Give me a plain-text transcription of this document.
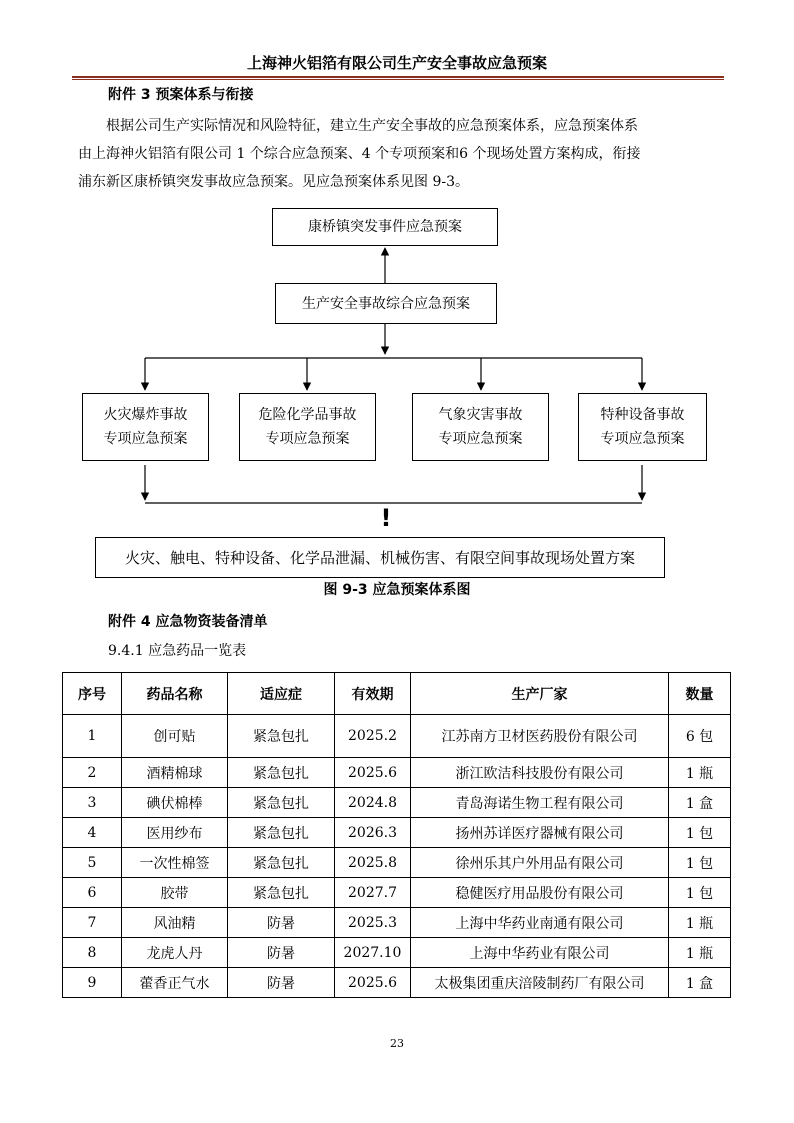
上海神火铝箔有限公司生产安全事故应急预案
附件 3 预案体系与衔接
根据公司生产实际情况和风险特征，建立生产安全事故的应急预案体系，应急预案体系
由上海神火铝箔有限公司 1 个综合应急预案、4 个专项预案和6 个现场处置方案构成，衔接
浦东新区康桥镇突发事故应急预案。见应急预案体系见图 9-3。
康桥镇突发事件应急预案
生产安全事故综合应急预案
火灾爆炸事故
专项应急预案
危险化学品事故
专项应急预案
气象灾害事故
专项应急预案
特种设备事故
专项应急预案
!
火灾、触电、特种设备、化学品泄漏、机械伤害、有限空间事故现场处置方案
图 9-3 应急预案体系图
附件 4 应急物资装备清单
9.4.1 应急药品一览表
序号	药品名称	适应症	有效期	生产厂家	数量
1	创可贴	紧急包扎	2025.2	江苏南方卫材医药股份有限公司	6 包
2	酒精棉球	紧急包扎	2025.6	浙江欧洁科技股份有限公司	1 瓶
3	碘伏棉棒	紧急包扎	2024.8	青岛海诺生物工程有限公司	1 盒
4	医用纱布	紧急包扎	2026.3	扬州苏详医疗器械有限公司	1 包
5	一次性棉签	紧急包扎	2025.8	徐州乐其户外用品有限公司	1 包
6	胶带	紧急包扎	2027.7	稳健医疗用品股份有限公司	1 包
7	风油精	防暑	2025.3	上海中华药业南通有限公司	1 瓶
8	龙虎人丹	防暑	2027.10	上海中华药业有限公司	1 瓶
9	藿香正气水	防暑	2025.6	太极集团重庆涪陵制药厂有限公司	1 盒
23
